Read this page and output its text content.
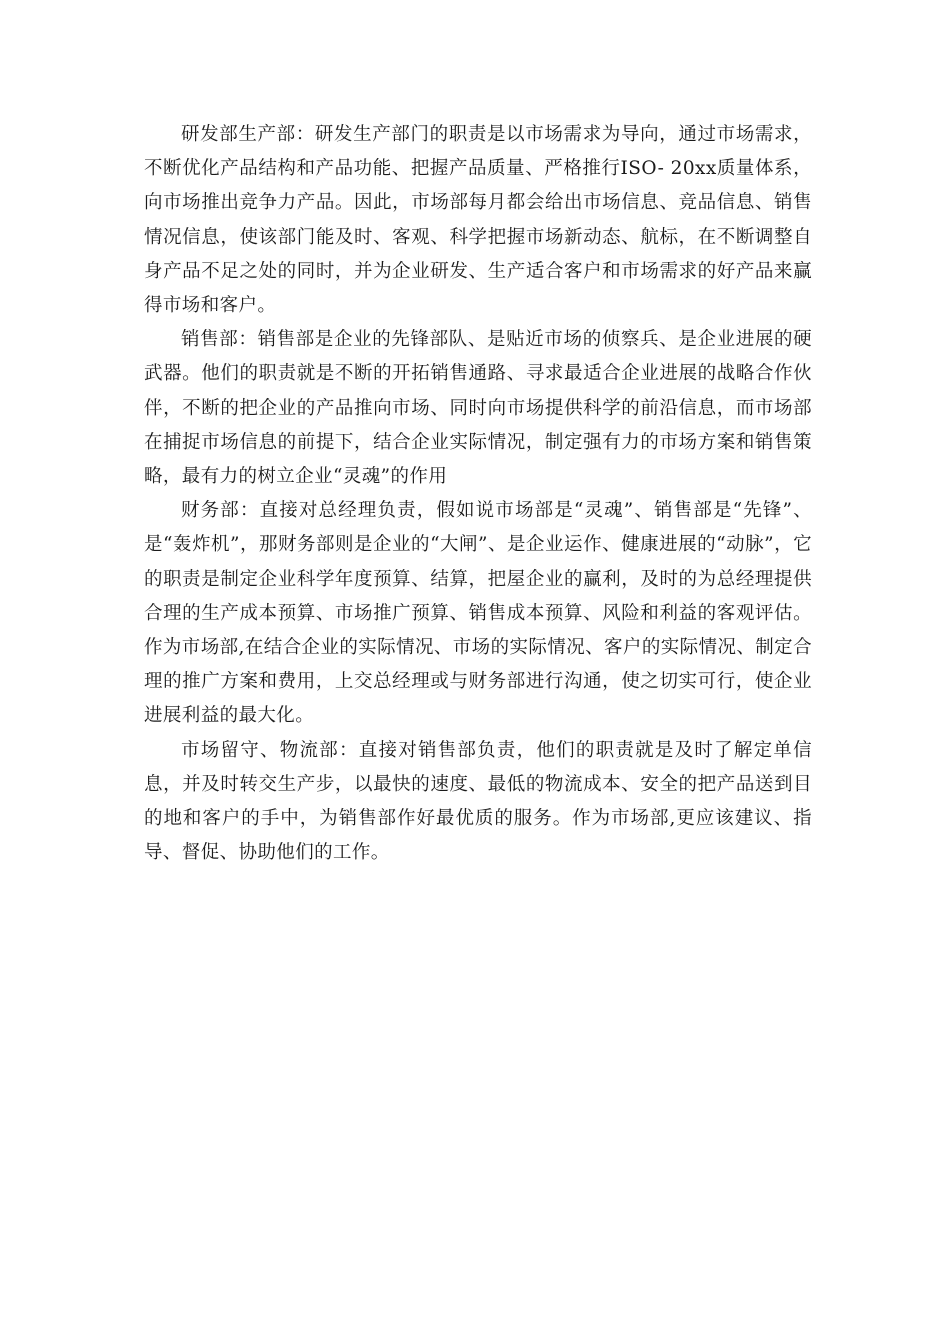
研发部生产部：研发生产部门的职责是以市场需求为导向，通过市场需求，不断优化产品结构和产品功能、把握产品质量、严格推行ISO- 20xx质量体系，向市场推出竞争力产品。因此，市场部每月都会给出市场信息、竞品信息、销售情况信息，使该部门能及时、客观、科学把握市场新动态、航标，在不断调整自身产品不足之处的同时，并为企业研发、生产适合客户和市场需求的好产品来赢得市场和客户。

销售部：销售部是企业的先锋部队、是贴近市场的侦察兵、是企业进展的硬武器。他们的职责就是不断的开拓销售通路、寻求最适合企业进展的战略合作伙伴，不断的把企业的产品推向市场、同时向市场提供科学的前沿信息，而市场部在捕捉市场信息的前提下，结合企业实际情况，制定强有力的市场方案和销售策略，最有力的树立企业“灵魂”的作用

财务部：直接对总经理负责，假如说市场部是“灵魂”、销售部是“先锋”、是“轰炸机”，那财务部则是企业的“大闸”、是企业运作、健康进展的“动脉”，它的职责是制定企业科学年度预算、结算，把屋企业的赢利，及时的为总经理提供合理的生产成本预算、市场推广预算、销售成本预算、风险和利益的客观评估。作为市场部,在结合企业的实际情况、市场的实际情况、客户的实际情况、制定合理的推广方案和费用，上交总经理或与财务部进行沟通，使之切实可行，使企业进展利益的最大化。

市场留守、物流部：直接对销售部负责，他们的职责就是及时了解定单信息，并及时转交生产步，以最快的速度、最低的物流成本、安全的把产品送到目的地和客户的手中，为销售部作好最优质的服务。作为市场部,更应该建议、指导、督促、协助他们的工作。
